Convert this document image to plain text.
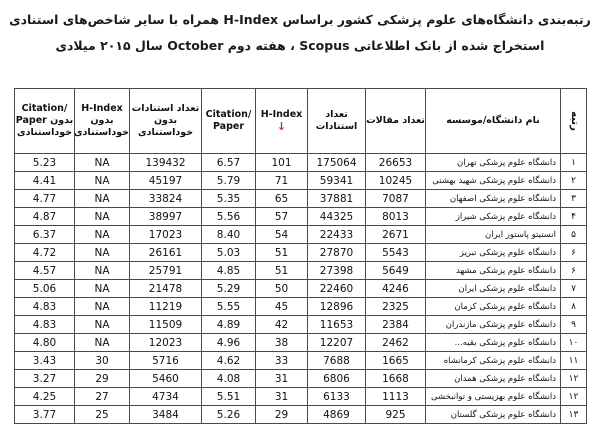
رتبه‌بندی دانشگاه‌های علوم پزشکی کشور براساس H-Index همراه با سایر شاخص‌های استنادی
استخراج شده از بانک اطلاعاتی Scopus ، هفته دوم October سال ۲۰۱۵ میلادی
Citation/ Paper بدون خوداستنادی	H-Index بدون خوداستنادی	تعداد استنادات بدون خوداستنادی	Citation/ Paper	H-Index
↓	تعداد استنادات	تعداد مقالات	نام دانشگاه/موسسه	رتبه
5.23	NA	139432	6.57	101	175064	26653	دانشگاه علوم پزشکی تهران	۱
4.41	NA	45197	5.79	71	59341	10245	دانشگاه علوم پزشکی شهید بهشتی	۲
4.77	NA	33824	5.35	65	37881	7087	دانشگاه علوم پزشکی اصفهان	۳
4.87	NA	38997	5.56	57	44325	8013	دانشگاه علوم پزشکی شیراز	۴
6.37	NA	17023	8.40	54	22433	2671	انستیتو پاستور ایران	۵
4.72	NA	26161	5.03	51	27870	5543	دانشگاه علوم پزشکی تبریز	۶
4.57	NA	25791	4.85	51	27398	5649	دانشگاه علوم پزشکی مشهد	۶
5.06	NA	21478	5.29	50	22460	4246	دانشگاه علوم پزشکی ایران	۷
4.83	NA	11219	5.55	45	12896	2325	دانشگاه علوم پزشکی کرمان	۸
4.83	NA	11509	4.89	42	11653	2384	دانشگاه علوم پزشکی مازندران	۹
4.80	NA	12023	4.96	38	12207	2462	دانشگاه علوم پزشکی بقیه...	۱۰
3.43	30	5716	4.62	33	7688	1665	دانشگاه علوم پزشکی کرمانشاه	۱۱
3.27	29	5460	4.08	31	6806	1668	دانشگاه علوم پزشکی همدان	۱۲
4.25	27	4734	5.51	31	6133	1113	دانشگاه علوم بهزیستی و توانبخشی	۱۲
3.77	25	3484	5.26	29	4869	925	دانشگاه علوم پزشکی گلستان	۱۳
